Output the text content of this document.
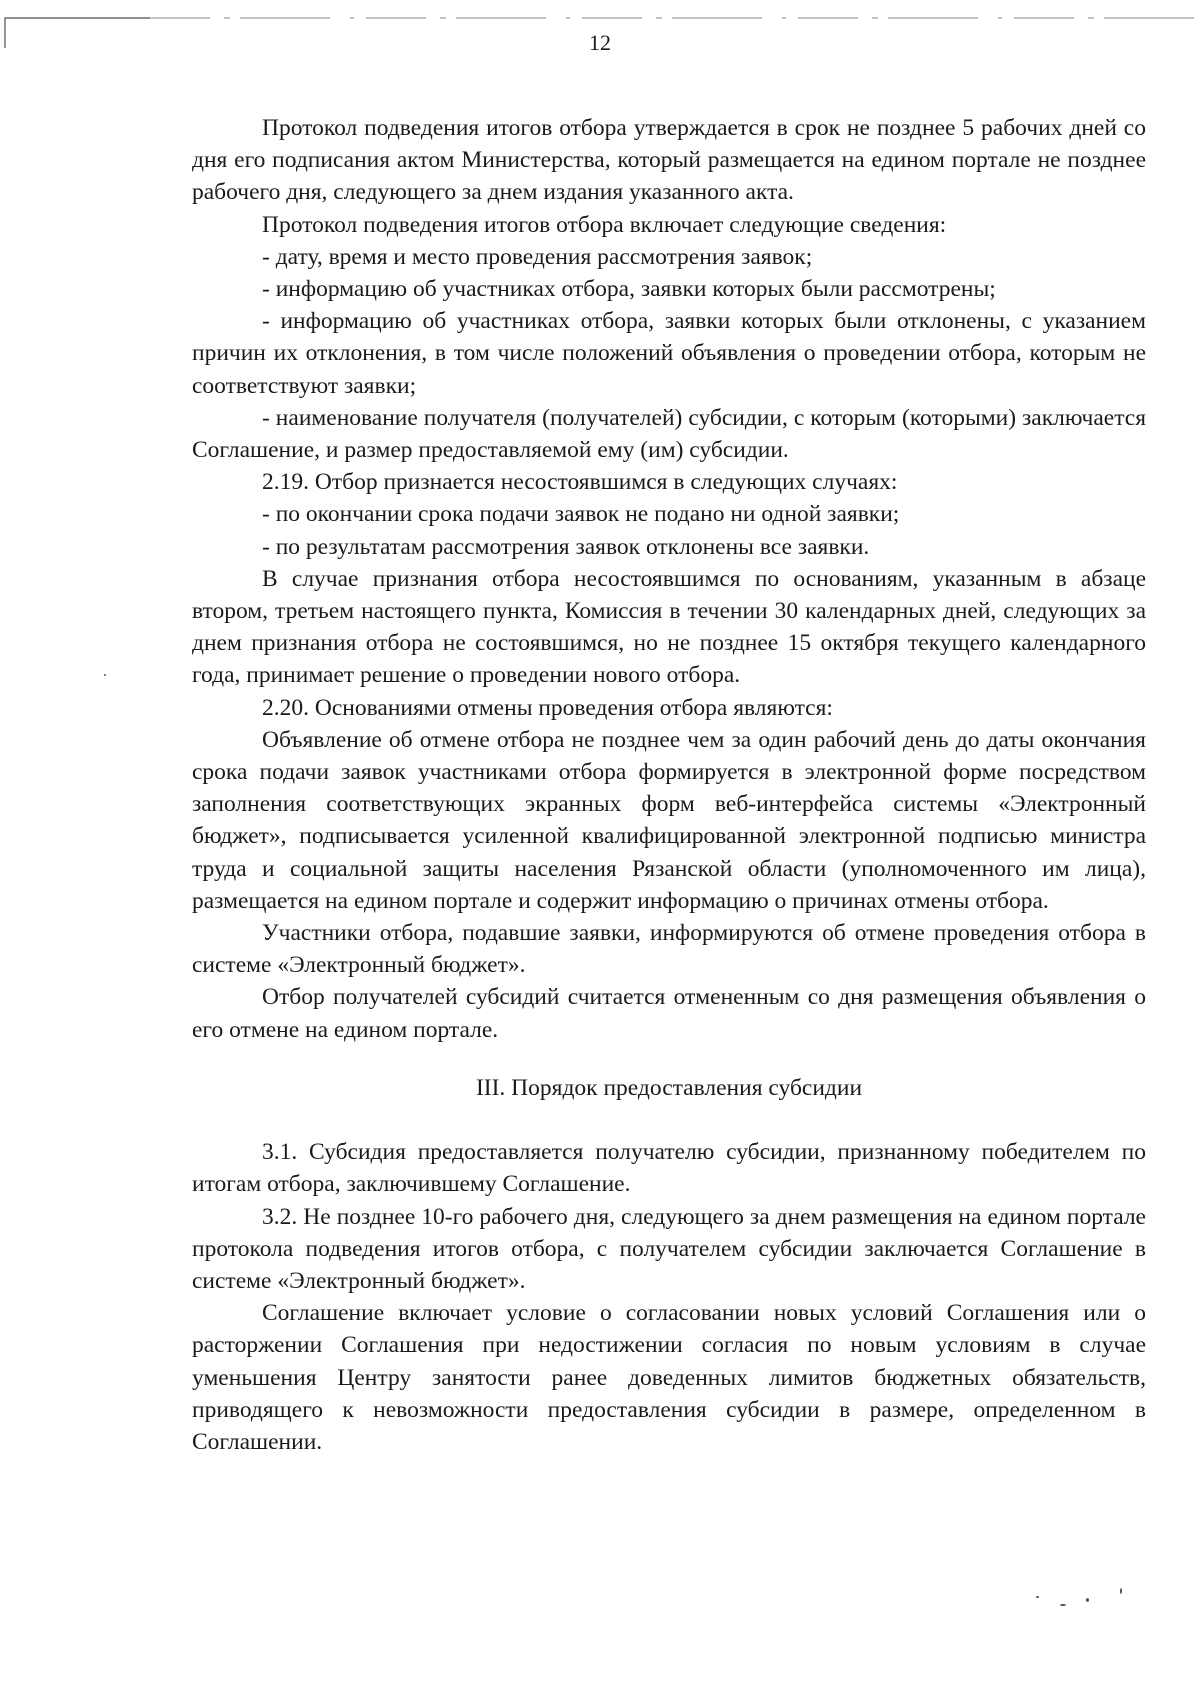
12

Протокол подведения итогов отбора утверждается в срок не позднее 5 рабочих дней со дня его подписания актом Министерства, который размещается на едином портале не позднее рабочего дня, следующего за днем издания указанного акта.

Протокол подведения итогов отбора включает следующие сведения:

- дату, время и место проведения рассмотрения заявок;

- информацию об участниках отбора, заявки которых были рассмотрены;

- информацию об участниках отбора, заявки которых были отклонены, с указанием причин их отклонения, в том числе положений объявления о проведении отбора, которым не соответствуют заявки;

- наименование получателя (получателей) субсидии, с которым (которыми) заключается Соглашение, и размер предоставляемой ему (им) субсидии.

2.19. Отбор признается несостоявшимся в следующих случаях:

- по окончании срока подачи заявок не подано ни одной заявки;

- по результатам рассмотрения заявок отклонены все заявки.

В случае признания отбора несостоявшимся по основаниям, указанным в абзаце втором, третьем настоящего пункта, Комиссия в течении 30 календарных дней, следующих за днем признания отбора не состоявшимся, но не позднее 15 октября текущего календарного года, принимает решение о проведении нового отбора.

2.20. Основаниями отмены проведения отбора являются:

Объявление об отмене отбора не позднее чем за один рабочий день до даты окончания срока подачи заявок участниками отбора формируется в электронной форме посредством заполнения соответствующих экранных форм веб-интерфейса системы «Электронный бюджет», подписывается усиленной квалифицированной электронной подписью министра труда и социальной защиты населения Рязанской области (уполномоченного им лица), размещается на едином портале и содержит информацию о причинах отмены отбора.

Участники отбора, подавшие заявки, информируются об отмене проведения отбора в системе «Электронный бюджет».

Отбор получателей субсидий считается отмененным со дня размещения объявления о его отмене на едином портале.

III. Порядок предоставления субсидии

3.1. Субсидия предоставляется получателю субсидии, признанному победителем по итогам отбора, заключившему Соглашение.

3.2. Не позднее 10-го рабочего дня, следующего за днем размещения на едином портале протокола подведения итогов отбора, с получателем субсидии заключается Соглашение в системе «Электронный бюджет».

Соглашение включает условие о согласовании новых условий Соглашения или о расторжении Соглашения при недостижении согласия по новым условиям в случае уменьшения Центру занятости ранее доведенных лимитов бюджетных обязательств, приводящего к невозможности предоставления субсидии в размере, определенном в Соглашении.
